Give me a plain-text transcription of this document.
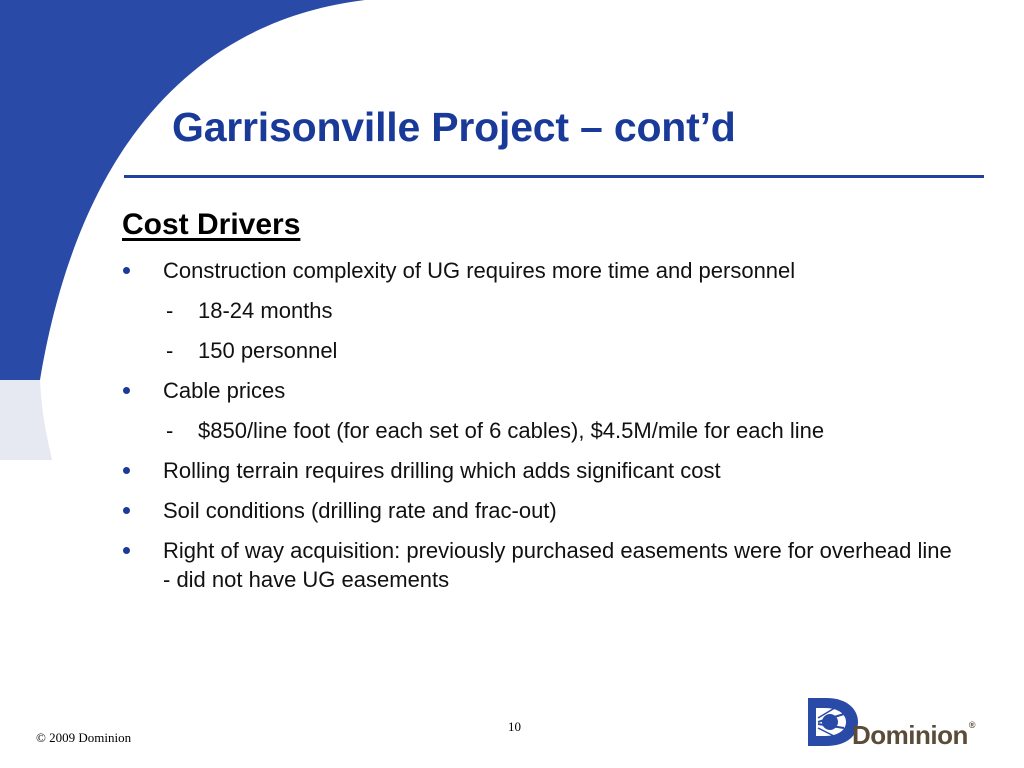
Garrisonville Project – cont’d
Cost Drivers
Construction complexity of UG requires more time and personnel
- 18-24 months
- 150 personnel
Cable prices
- $850/line foot (for each set of 6 cables), $4.5M/mile for each line
Rolling terrain requires drilling which adds significant cost
Soil conditions (drilling rate and frac-out)
Right of way acquisition: previously purchased easements were for overhead line - did not have UG easements
© 2009 Dominion
10	Dominion®
